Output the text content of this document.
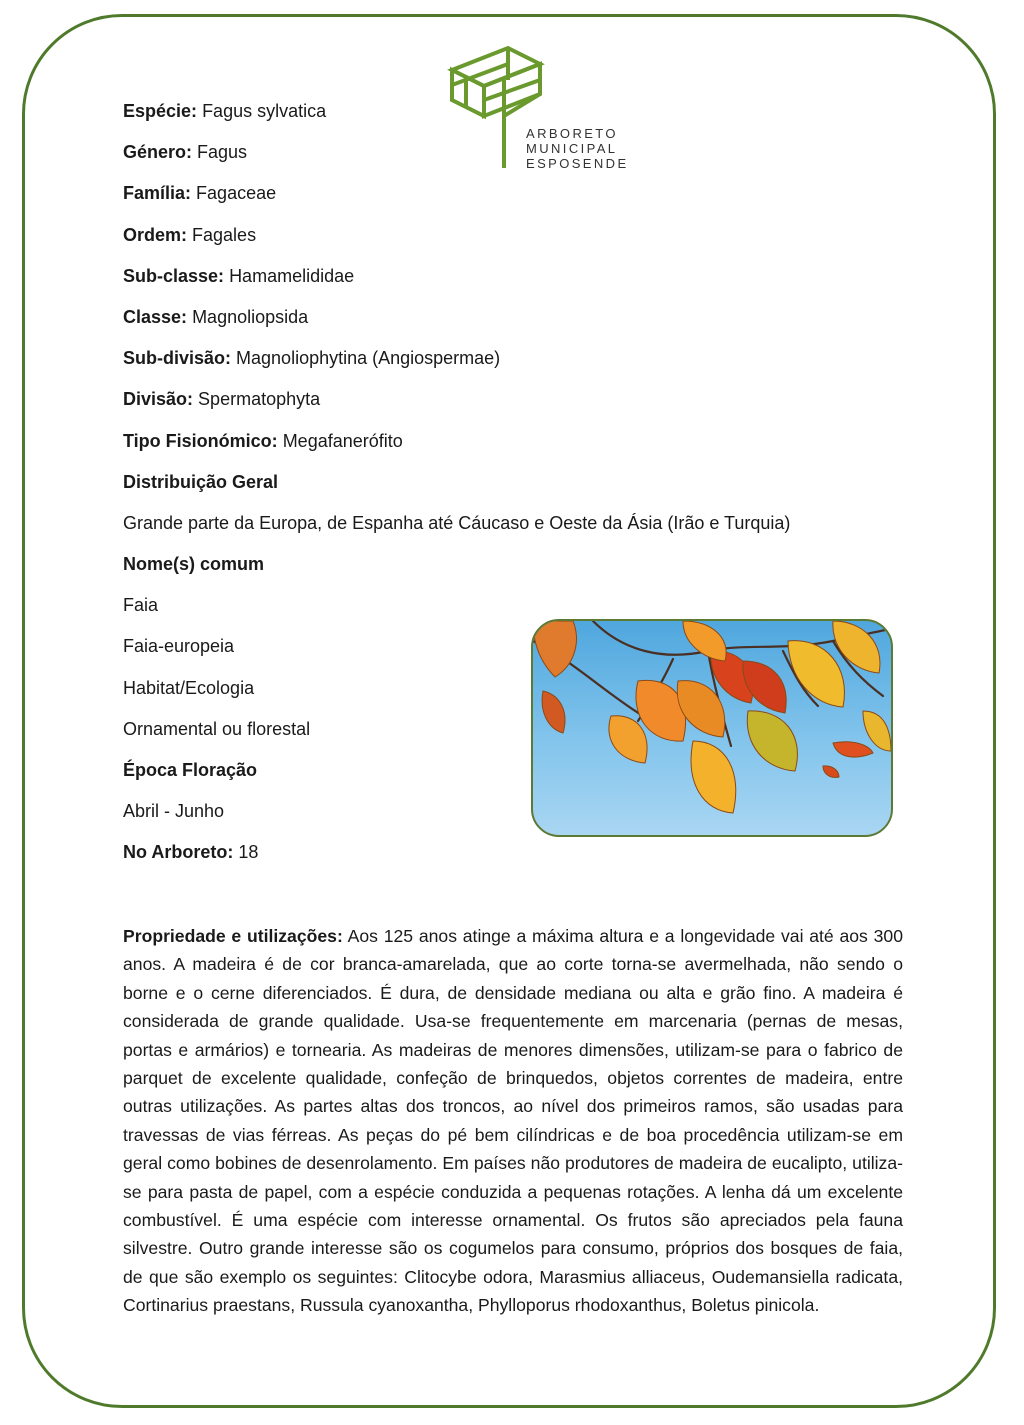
ARBORETO
MUNICIPAL
ESPOSENDE
Espécie: Fagus sylvatica
Género: Fagus
Família: Fagaceae
Ordem: Fagales
Sub-classe: Hamamelididae
Classe: Magnoliopsida
Sub-divisão: Magnoliophytina (Angiospermae)
Divisão: Spermatophyta
Tipo Fisionómico: Megafanerófito
Distribuição Geral
Grande parte da Europa, de Espanha até Cáucaso e Oeste da Ásia (Irão e Turquia)
Nome(s) comum
Faia
Faia-europeia
Habitat/Ecologia
Ornamental ou florestal
Época Floração
Abril - Junho
No Arboreto: 18
Propriedade e utilizações: Aos 125 anos atinge a máxima altura e a longevidade vai até aos 300 anos. A madeira é de cor branca-amarelada, que ao corte torna-se avermelhada, não sendo o borne e o cerne diferenciados. É dura, de densidade mediana ou alta e grão fino. A madeira é considerada de grande qualidade. Usa-se frequentemente em marcenaria (pernas de mesas, portas e armários) e tornearia. As madeiras de menores dimensões, utilizam-se para o fabrico de parquet de excelente qualidade, confeção de brinquedos, objetos correntes de madeira, entre outras utilizações. As partes altas dos troncos, ao nível dos primeiros ramos, são usadas para travessas de vias férreas. As peças do pé bem cilíndricas e de boa procedência utilizam-se em geral como bobines de desenrolamento. Em países não produtores de madeira de eucalipto, utiliza-se para pasta de papel, com a espécie conduzida a pequenas rotações. A lenha dá um excelente combustível. É uma espécie com interesse ornamental. Os frutos são apreciados pela fauna silvestre. Outro grande interesse são os cogumelos para consumo, próprios dos bosques de faia, de que são exemplo os seguintes: Clitocybe odora, Marasmius alliaceus, Oudemansiella radicata, Cortinarius praestans, Russula cyanoxantha, Phylloporus rhodoxanthus, Boletus pinicola.
